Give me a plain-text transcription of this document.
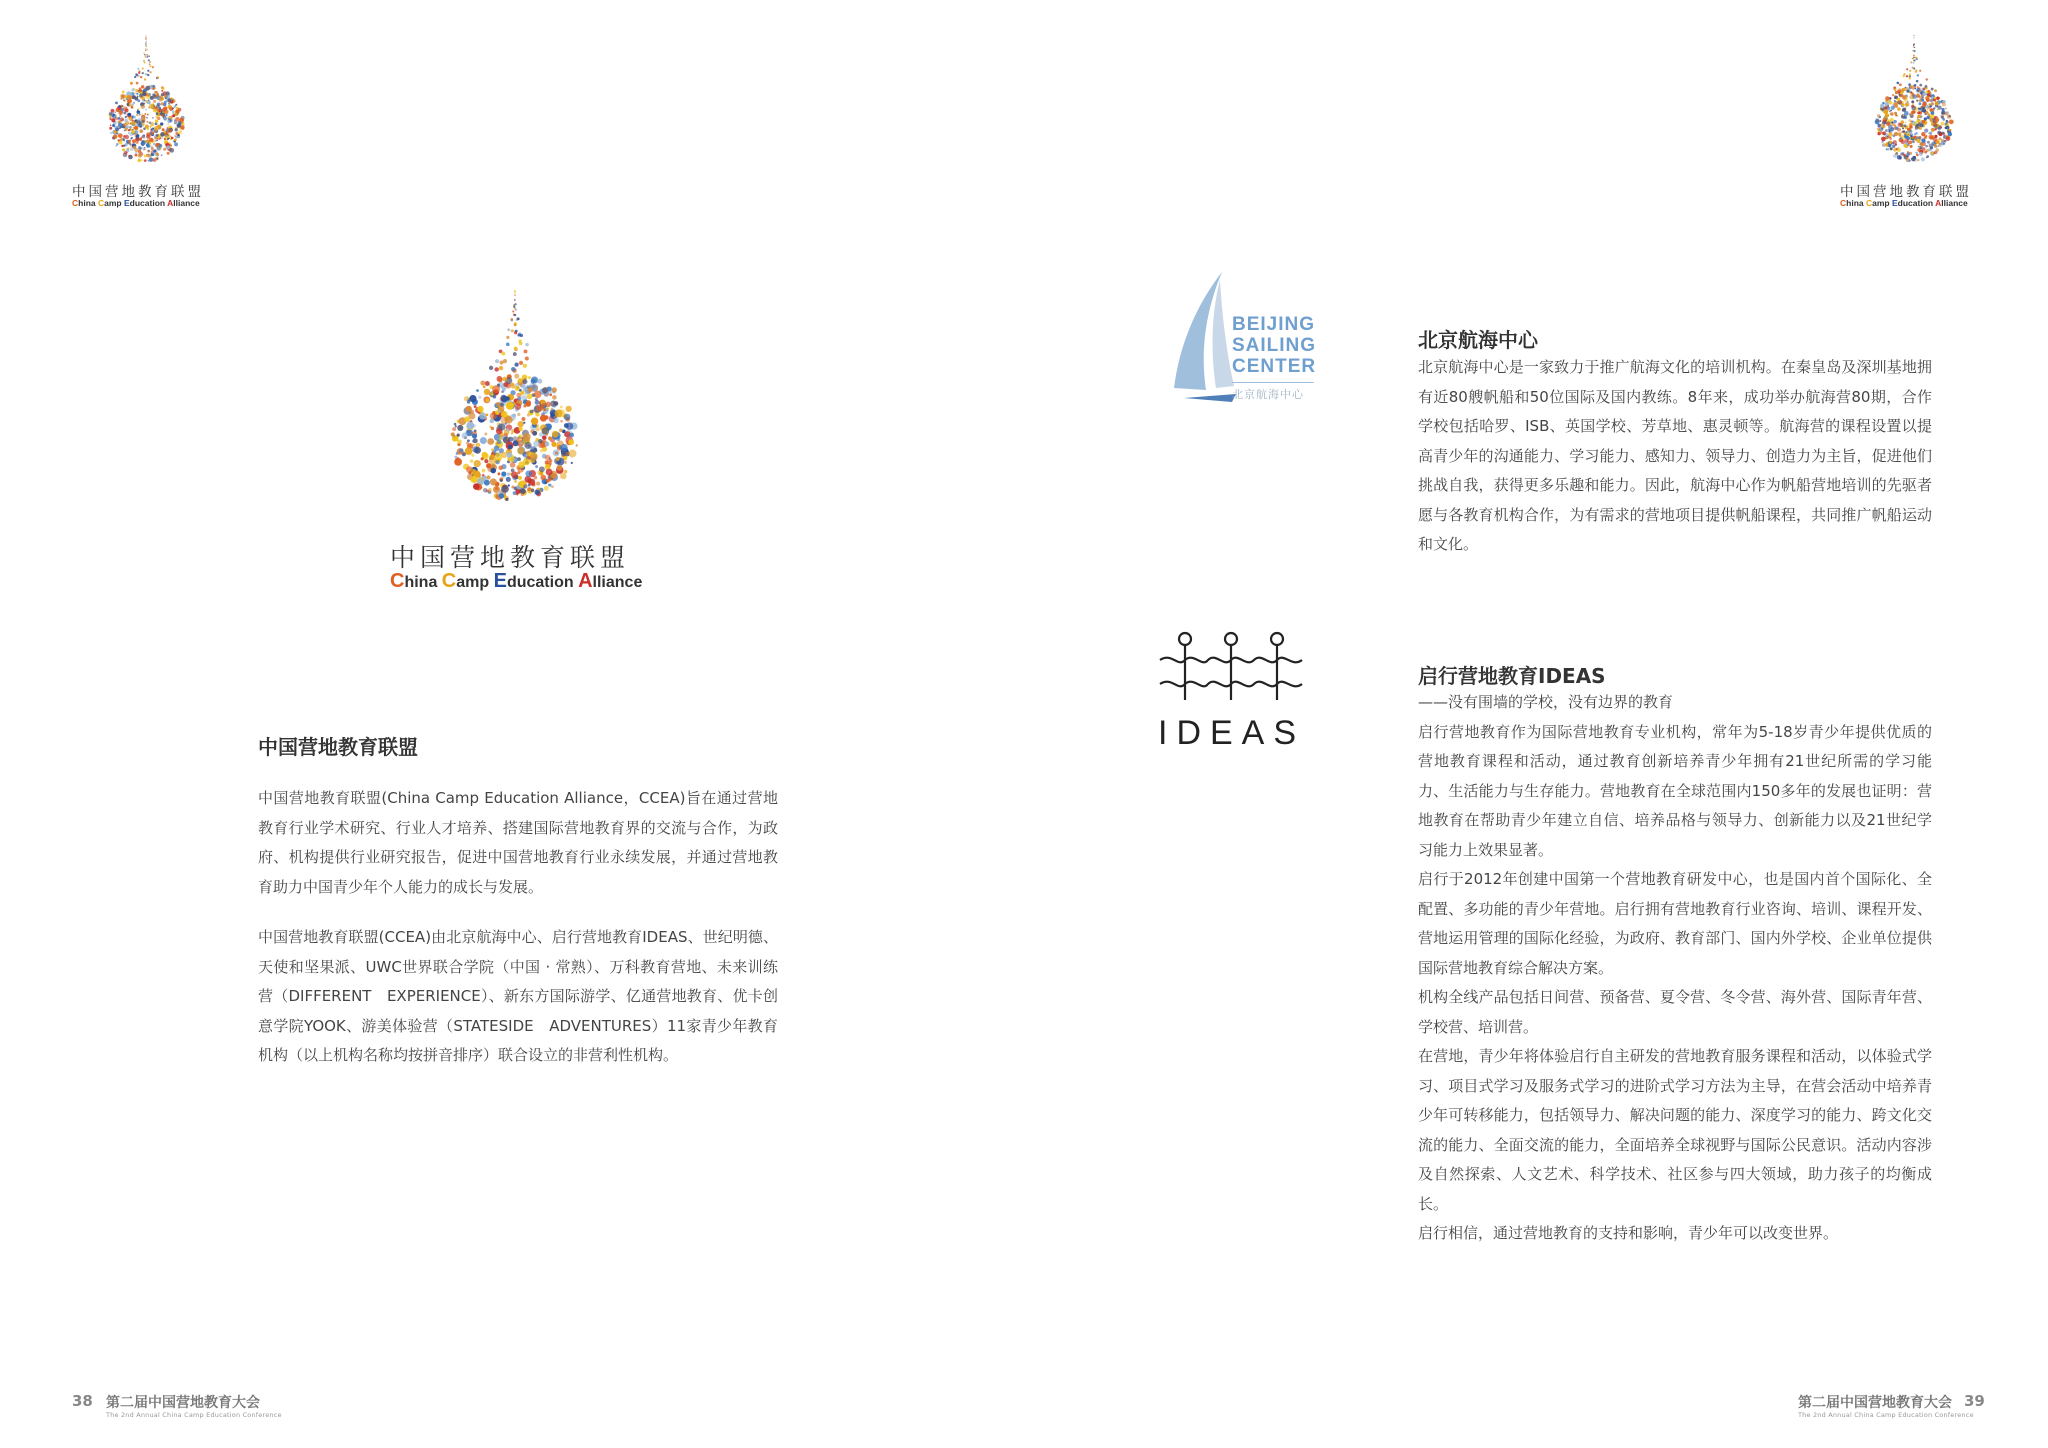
中国营地教育联盟
China Camp Education Alliance
中国营地教育联盟
China Camp Education Alliance
中国营地教育联盟

中国营地教育联盟(China Camp Education Alliance，CCEA)旨在通过营地教育行业学术研究、行业人才培养、搭建国际营地教育界的交流与合作，为政府、机构提供行业研究报告，促进中国营地教育行业永续发展，并通过营地教育助力中国青少年个人能力的成长与发展。

中国营地教育联盟(CCEA)由北京航海中心、启行营地教育IDEAS、世纪明德、天使和坚果派、UWC世界联合学院（中国 · 常熟）、万科教育营地、未来训练营（DIFFERENT　EXPERIENCE）、新东方国际游学、亿通营地教育、优卡创意学院YOOK、游美体验营（STATESIDE　ADVENTURES）11家青少年教育机构（以上机构名称均按拼音排序）联合设立的非营利性机构。

38 第二届中国营地教育大会
The 2nd Annual China Camp Education Conference
中国营地教育联盟
China Camp Education Alliance
BEIJING
SAILING
CENTER
北京航海中心
北京航海中心

北京航海中心是一家致力于推广航海文化的培训机构。在秦皇岛及深圳基地拥有近80艘帆船和50位国际及国内教练。8年来，成功举办航海营80期，合作学校包括哈罗、ISB、英国学校、芳草地、惠灵顿等。航海营的课程设置以提高青少年的沟通能力、学习能力、感知力、领导力、创造力为主旨，促进他们挑战自我，获得更多乐趣和能力。因此，航海中心作为帆船营地培训的先驱者愿与各教育机构合作，为有需求的营地项目提供帆船课程，共同推广帆船运动和文化。

IDEAS
启行营地教育IDEAS

——没有围墙的学校，没有边界的教育

启行营地教育作为国际营地教育专业机构，常年为5-18岁青少年提供优质的营地教育课程和活动，通过教育创新培养青少年拥有21世纪所需的学习能力、生活能力与生存能力。营地教育在全球范围内150多年的发展也证明：营地教育在帮助青少年建立自信、培养品格与领导力、创新能力以及21世纪学习能力上效果显著。

启行于2012年创建中国第一个营地教育研发中心，也是国内首个国际化、全配置、多功能的青少年营地。启行拥有营地教育行业咨询、培训、课程开发、营地运用管理的国际化经验，为政府、教育部门、国内外学校、企业单位提供国际营地教育综合解决方案。

机构全线产品包括日间营、预备营、夏令营、冬令营、海外营、国际青年营、学校营、培训营。

在营地，青少年将体验启行自主研发的营地教育服务课程和活动，以体验式学习、项目式学习及服务式学习的进阶式学习方法为主导，在营会活动中培养青少年可转移能力，包括领导力、解决问题的能力、深度学习的能力、跨文化交流的能力、全面交流的能力，全面培养全球视野与国际公民意识。活动内容涉及自然探索、人文艺术、科学技术、社区参与四大领域，助力孩子的均衡成长。

启行相信，通过营地教育的支持和影响，青少年可以改变世界。

第二届中国营地教育大会
The 2nd Annual China Camp Education Conference
39
